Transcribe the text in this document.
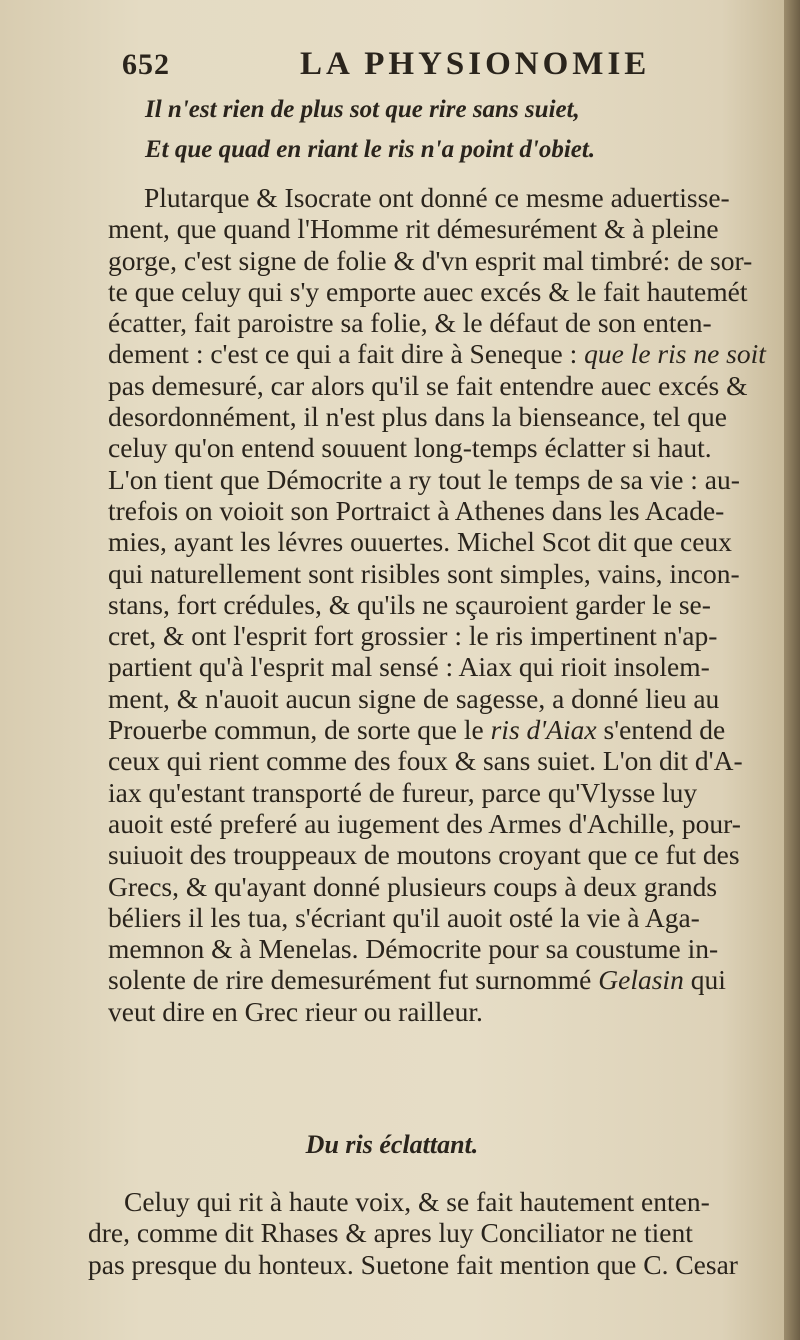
652	LA PHYSIONOMIE
Il n'est rien de plus sot que rire sans suiet,
Et que quad en riant le ris n'a point d'obiet.
Plutarque & Isocrate ont donné ce mesme aduertisse-
ment, que quand l'Homme rit démesurément & à pleine
gorge, c'est signe de folie & d'vn esprit mal timbré: de sor-
te que celuy qui s'y emporte auec excés & le fait hautemét
écatter, fait paroistre sa folie, & le défaut de son enten-
dement : c'est ce qui a fait dire à Seneque : que le ris ne soit
pas demesuré, car alors qu'il se fait entendre auec excés &
desordonnément, il n'est plus dans la bienseance, tel que
celuy qu'on entend souuent long-temps éclatter si haut.
L'on tient que Démocrite a ry tout le temps de sa vie : au-
trefois on voioit son Portraict à Athenes dans les Acade-
mies, ayant les lévres ouuertes. Michel Scot dit que ceux
qui naturellement sont risibles sont simples, vains, incon-
stans, fort crédules, & qu'ils ne sçauroient garder le se-
cret, & ont l'esprit fort grossier : le ris impertinent n'ap-
partient qu'à l'esprit mal sensé : Aiax qui rioit insolem-
ment, & n'auoit aucun signe de sagesse, a donné lieu au
Prouerbe commun, de sorte que le ris d'Aiax s'entend de
ceux qui rient comme des foux & sans suiet. L'on dit d'A-
iax qu'estant transporté de fureur, parce qu'Vlysse luy
auoit esté preferé au iugement des Armes d'Achille, pour-
suiuoit des trouppeaux de moutons croyant que ce fut des
Grecs, & qu'ayant donné plusieurs coups à deux grands
béliers il les tua, s'écriant qu'il auoit osté la vie à Aga-
memnon & à Menelas. Démocrite pour sa coustume in-
solente de rire demesurément fut surnommé Gelasin qui
veut dire en Grec rieur ou railleur.
Du ris éclattant.
Celuy qui rit à haute voix, & se fait hautement enten-
dre, comme dit Rhases & apres luy Conciliator ne tient
pas presque du honteux. Suetone fait mention que C. Cesar
